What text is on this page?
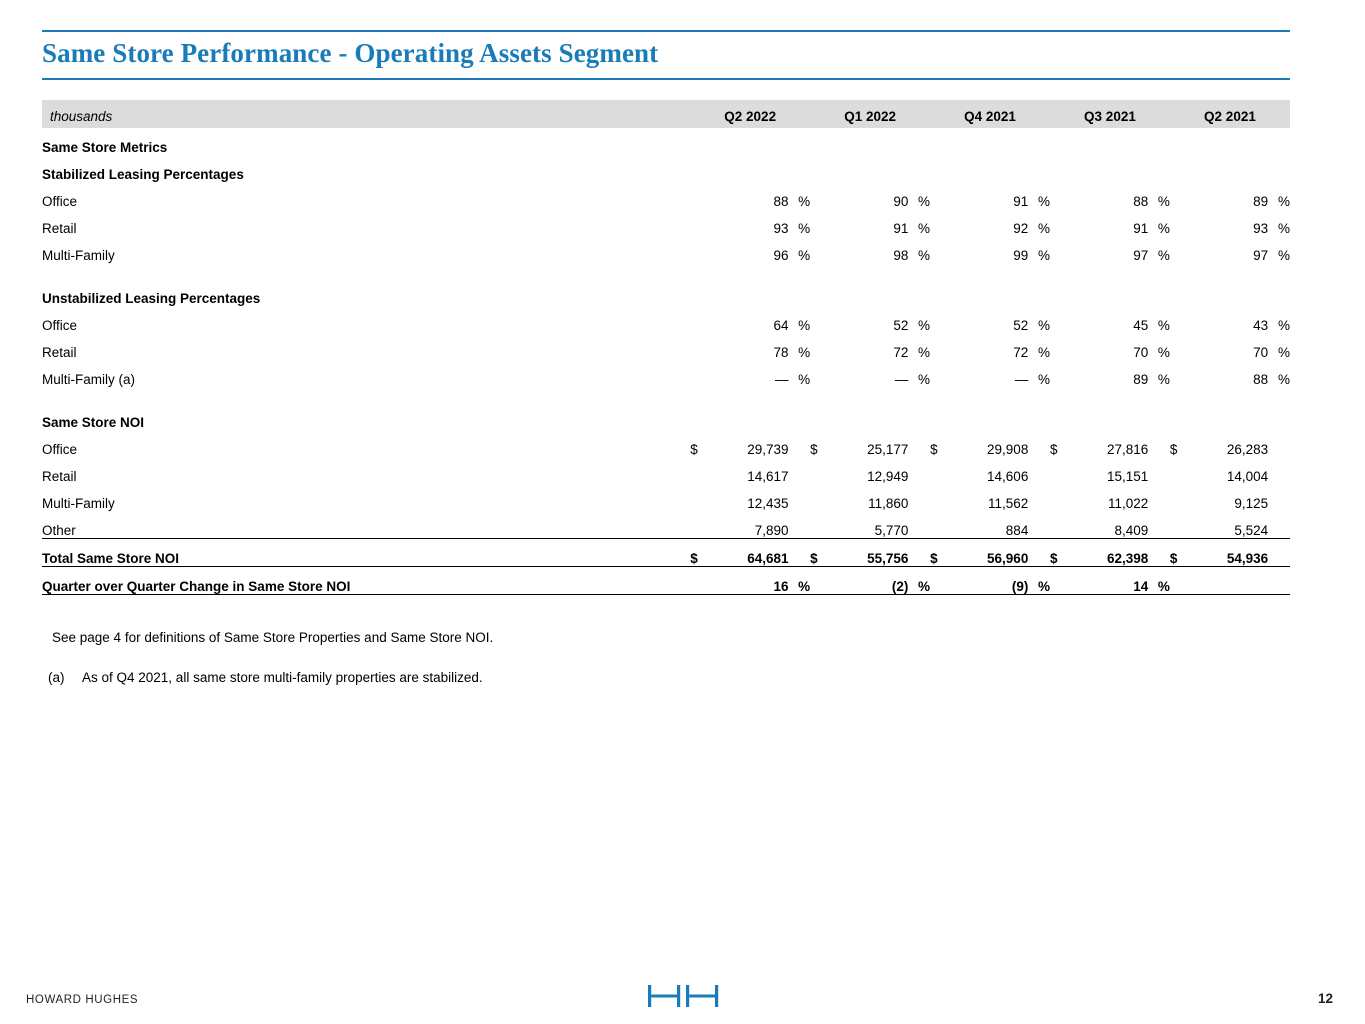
Same Store Performance - Operating Assets Segment
thousands	Q2 2022			Q1 2022			Q4 2021			Q3 2021			Q2 2021		
Same Store Metrics															
Stabilized Leasing Percentages															
Office		88	%		90	%		91	%		88	%		89	%
Retail		93	%		91	%		92	%		91	%		93	%
Multi-Family		96	%		98	%		99	%		97	%		97	%

Unstabilized Leasing Percentages															
Office		64	%		52	%		52	%		45	%		43	%
Retail		78	%		72	%		72	%		70	%		70	%
Multi-Family (a)		—	%		—	%		—	%		89	%		88	%

Same Store NOI															
Office	$	29,739		$	25,177		$	29,908		$	27,816		$	26,283	
Retail		14,617			12,949			14,606			15,151			14,004	
Multi-Family		12,435			11,860			11,562			11,022			9,125	
Other		7,890			5,770			884			8,409			5,524	
Total Same Store NOI	$	64,681		$	55,756		$	56,960		$	62,398		$	54,936	
Quarter over Quarter Change in Same Store NOI		16	%		(2)	%		(9)	%		14	%			
See page 4 for definitions of Same Store Properties and Same Store NOI.
(a) As of Q4 2021, all same store multi-family properties are stabilized.
HOWARD HUGHES	12
